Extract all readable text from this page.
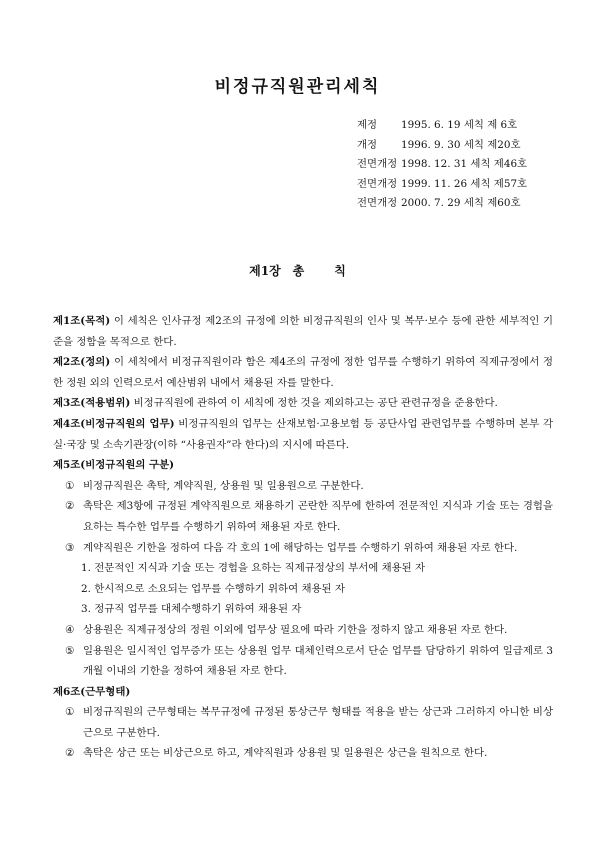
비정규직원관리세칙
제정 1995. 6. 19 세칙 제 6호
개정 1996. 9. 30 세칙 제20호
전면개정 1998. 12. 31 세칙 제46호
전면개정 1999. 11. 26 세칙 제57호
전면개정 2000. 7. 29 세칙 제60호
제1장 총	칙
제1조(목적) 이 세칙은 인사규정 제2조의 규정에 의한 비정규직원의 인사 및 복무·보수 등에 관한 세부적인 기준을 정함을 목적으로 한다.
제2조(정의) 이 세칙에서 비정규직원이라 함은 제4조의 규정에 정한 업무를 수행하기 위하여 직제규정에서 정한 정원 외의 인력으로서 예산범위 내에서 채용된 자를 말한다.
제3조(적용범위) 비정규직원에 관하여 이 세칙에 정한 것을 제외하고는 공단 관련규정을 준용한다.
제4조(비정규직원의 업무) 비정규직원의 업무는 산재보험·고용보험 등 공단사업 관련업무를 수행하며 본부 각실·국장 및 소속기관장(이하 “사용권자”라 한다)의 지시에 따른다.
제5조(비정규직원의 구분)
① 비정규직원은 촉탁, 계약직원, 상용원 및 일용원으로 구분한다.
② 촉탁은 제3항에 규정된 계약직원으로 채용하기 곤란한 직무에 한하여 전문적인 지식과 기술 또는 경험을 요하는 특수한 업무를 수행하기 위하여 채용된 자로 한다.
③ 계약직원은 기한을 정하여 다음 각 호의 1에 해당하는 업무를 수행하기 위하여 채용된 자로 한다.
1. 전문적인 지식과 기술 또는 경험을 요하는 직제규정상의 부서에 채용된 자
2. 한시적으로 소요되는 업무를 수행하기 위하여 채용된 자
3. 정규직 업무를 대체수행하기 위하여 채용된 자
④ 상용원은 직제규정상의 정원 이외에 업무상 필요에 따라 기한을 정하지 않고 채용된 자로 한다.
⑤ 일용원은 일시적인 업무증가 또는 상용원 업무 대체인력으로서 단순 업무를 담당하기 위하여 일급제로 3개월 이내의 기한을 정하여 채용된 자로 한다.
제6조(근무형태)
① 비정규직원의 근무형태는 복무규정에 규정된 통상근무 형태를 적용을 받는 상근과 그러하지 아니한 비상근으로 구분한다.
② 촉탁은 상근 또는 비상근으로 하고, 계약직원과 상용원 및 일용원은 상근을 원칙으로 한다.
